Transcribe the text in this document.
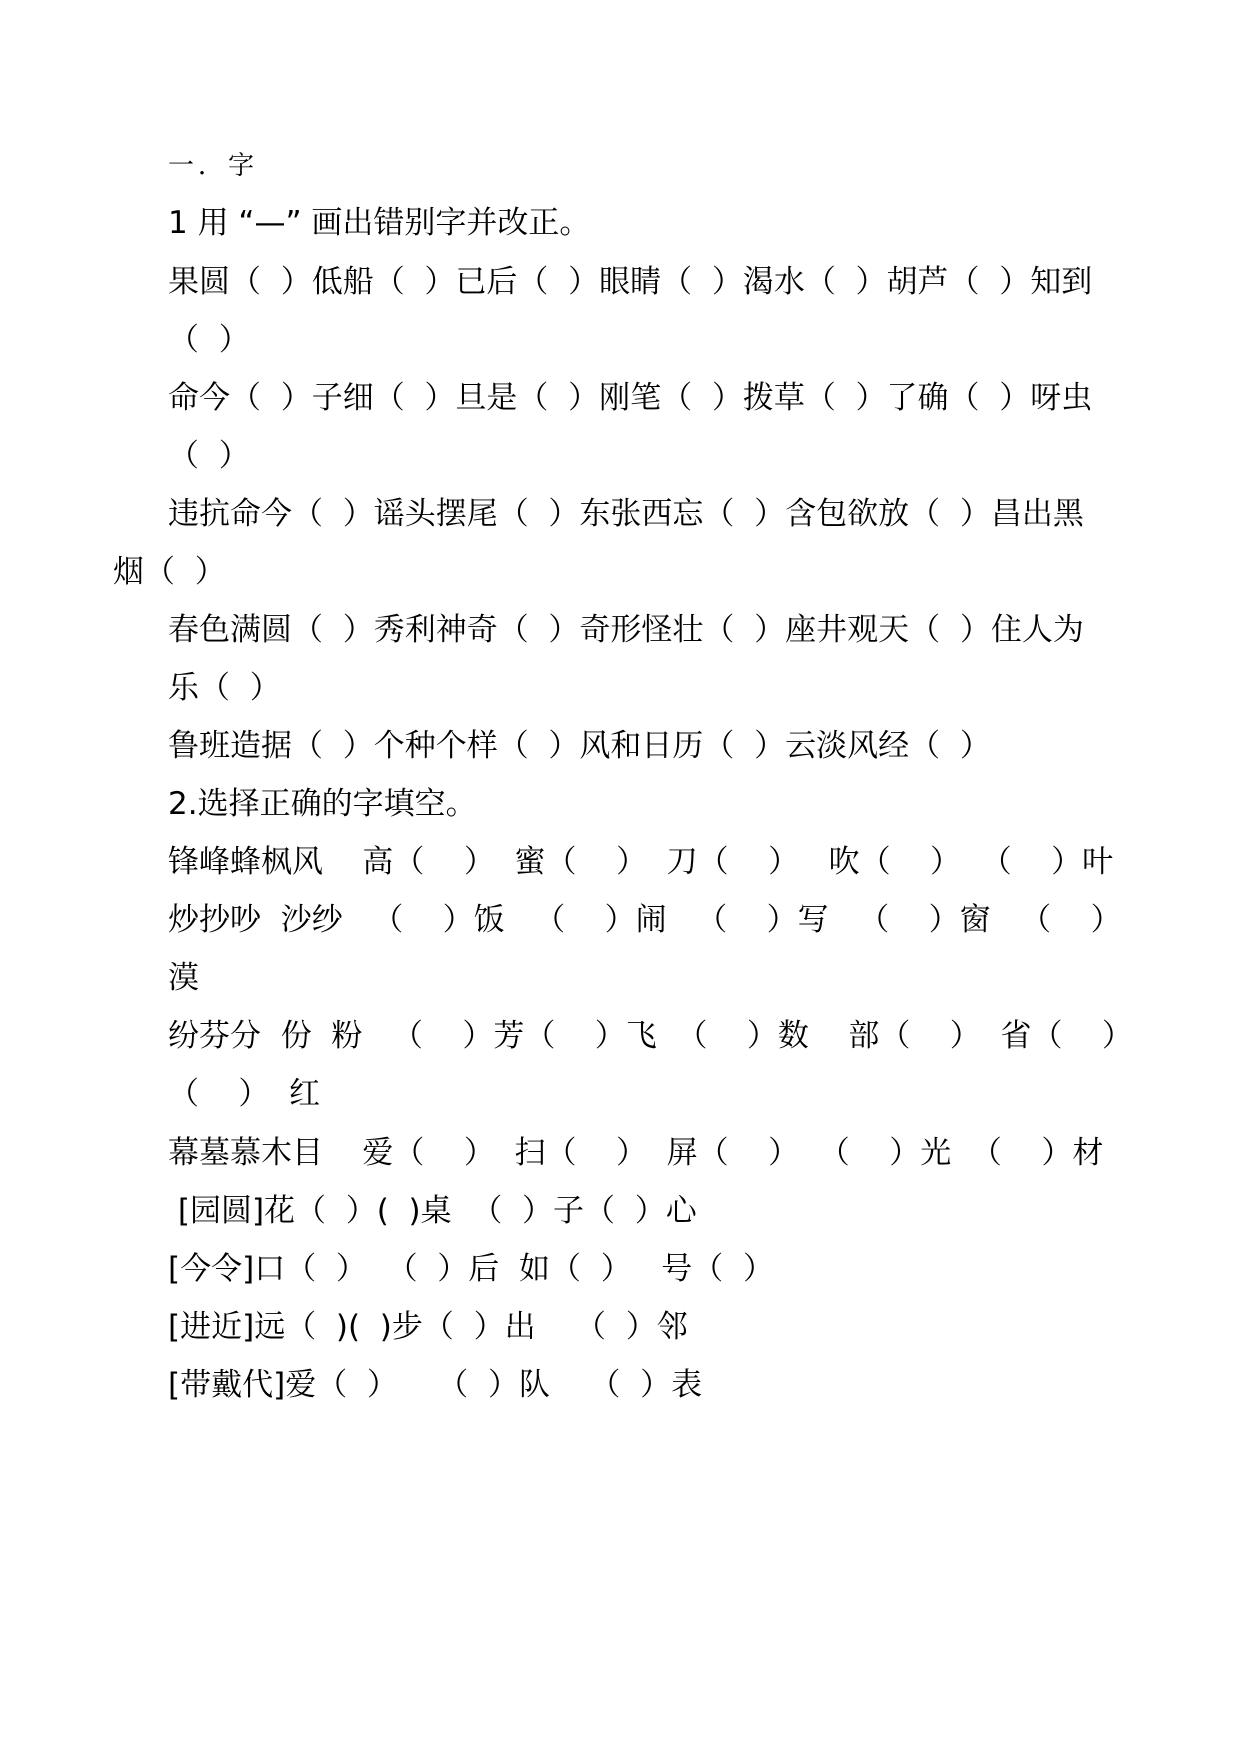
一．字
1 用 “—” 画出错别字并改正。
果圆（  ）低船（  ）已后（  ）眼睛（  ）渴水（  ）胡芦（  ）知到
（  ）
命今（  ）子细（  ）旦是（  ）刚笔（  ）拨草（  ）了确（  ）呀虫
（  ）
违抗命今（  ）谣头摆尾（  ）东张西忘（  ）含包欲放（  ）昌出黑
烟（  ）
春色满圆（  ）秀利神奇（  ）奇形怪壮（  ）座井观天（  ）住人为
乐（  ）
鲁班造据（  ）个种个样（  ）风和日历（  ）云淡风经（  ）
2.选择正确的字填空。
锋峰蜂枫风    高（    ）  蜜（    ）  刀（    ）   吹（    ）  （    ）叶
炒抄吵  沙纱   （    ）饭   （    ）闹   （    ）写   （    ）窗   （    ）
漠
纷芬分  份  粉   （    ）芳（    ）飞  （    ）数    部（    ）  省（    ）
（    ）  红
幕墓慕木目    爱（    ）  扫（    ）  屏（    ）  （    ）光  （    ）材
[园圆]花（  ）(  )桌  （  ）子（  ）心
[今令]口（  ）  （  ）后  如（  ）   号（  ）
[进近]远（  )(  )步（  ）出    （  ）邻
[带戴代]爱（  ）    （  ）队    （  ）表
